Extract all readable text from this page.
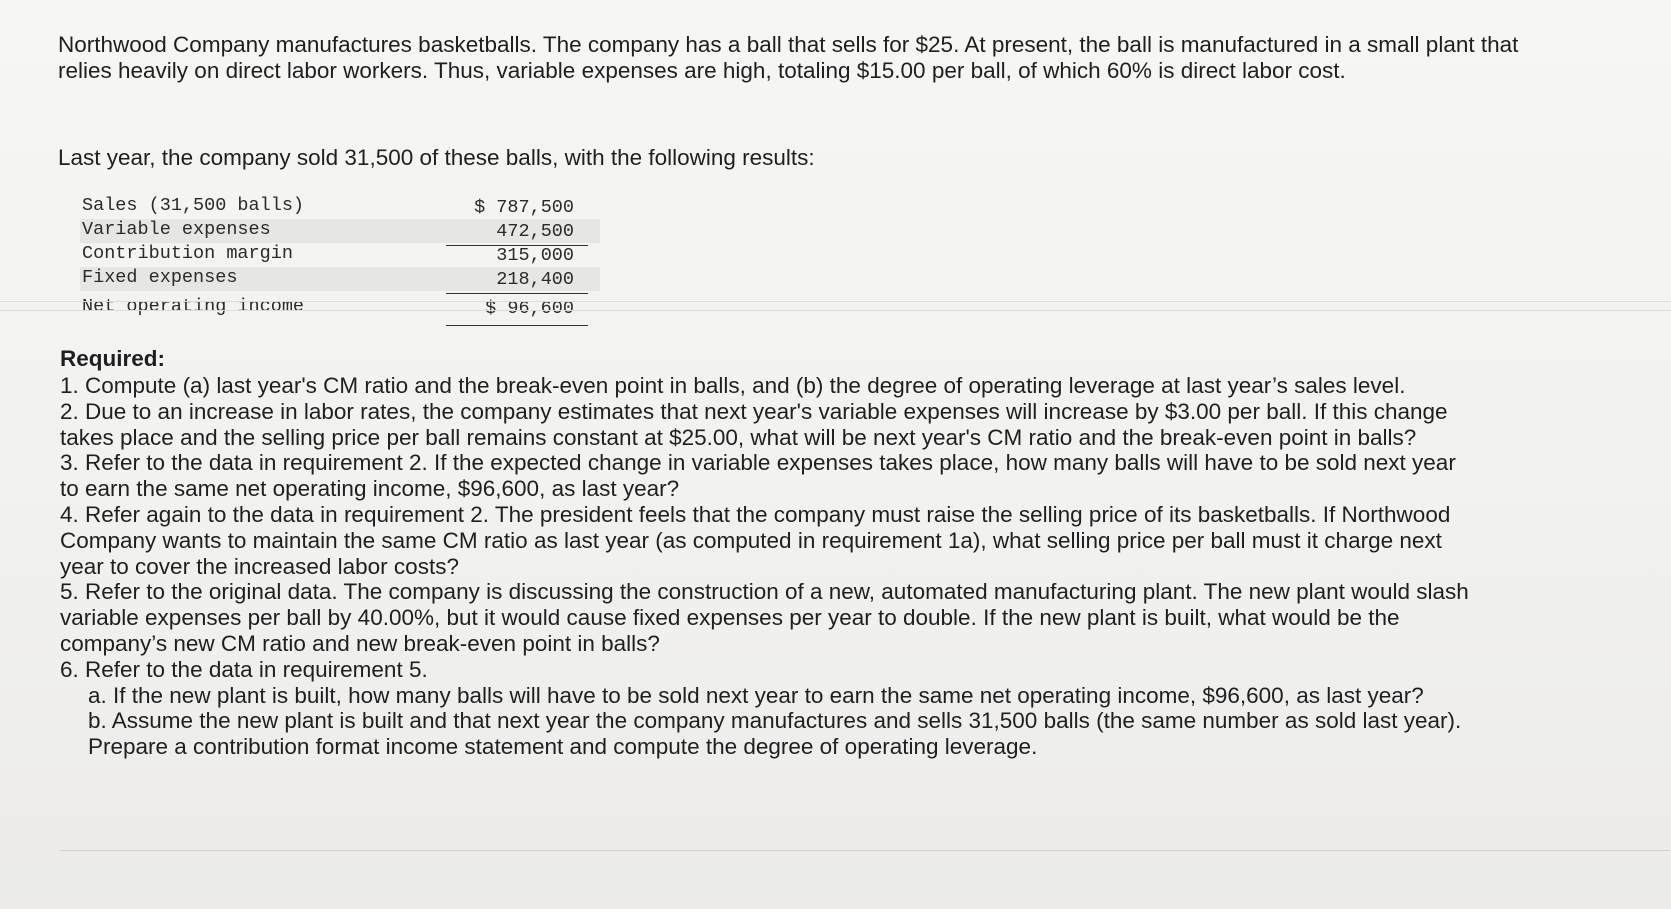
Northwood Company manufactures basketballs. The company has a ball that sells for $25. At present, the ball is manufactured in a small plant that relies heavily on direct labor workers. Thus, variable expenses are high, totaling $15.00 per ball, of which 60% is direct labor cost.

Last year, the company sold 31,500 of these balls, with the following results:

Sales (31,500 balls)	$ 787,500
Variable expenses	472,500
Contribution margin	315,000
Fixed expenses	218,400
Net operating income	$ 96,600

Required:

1. Compute (a) last year's CM ratio and the break-even point in balls, and (b) the degree of operating leverage at last year’s sales level.
2. Due to an increase in labor rates, the company estimates that next year's variable expenses will increase by $3.00 per ball. If this change takes place and the selling price per ball remains constant at $25.00, what will be next year's CM ratio and the break-even point in balls?
3. Refer to the data in requirement 2. If the expected change in variable expenses takes place, how many balls will have to be sold next year to earn the same net operating income, $96,600, as last year?
4. Refer again to the data in requirement 2. The president feels that the company must raise the selling price of its basketballs. If Northwood Company wants to maintain the same CM ratio as last year (as computed in requirement 1a), what selling price per ball must it charge next year to cover the increased labor costs?
5. Refer to the original data. The company is discussing the construction of a new, automated manufacturing plant. The new plant would slash variable expenses per ball by 40.00%, but it would cause fixed expenses per year to double. If the new plant is built, what would be the company’s new CM ratio and new break-even point in balls?
6. Refer to the data in requirement 5.
a. If the new plant is built, how many balls will have to be sold next year to earn the same net operating income, $96,600, as last year?
b. Assume the new plant is built and that next year the company manufactures and sells 31,500 balls (the same number as sold last year). Prepare a contribution format income statement and compute the degree of operating leverage.
